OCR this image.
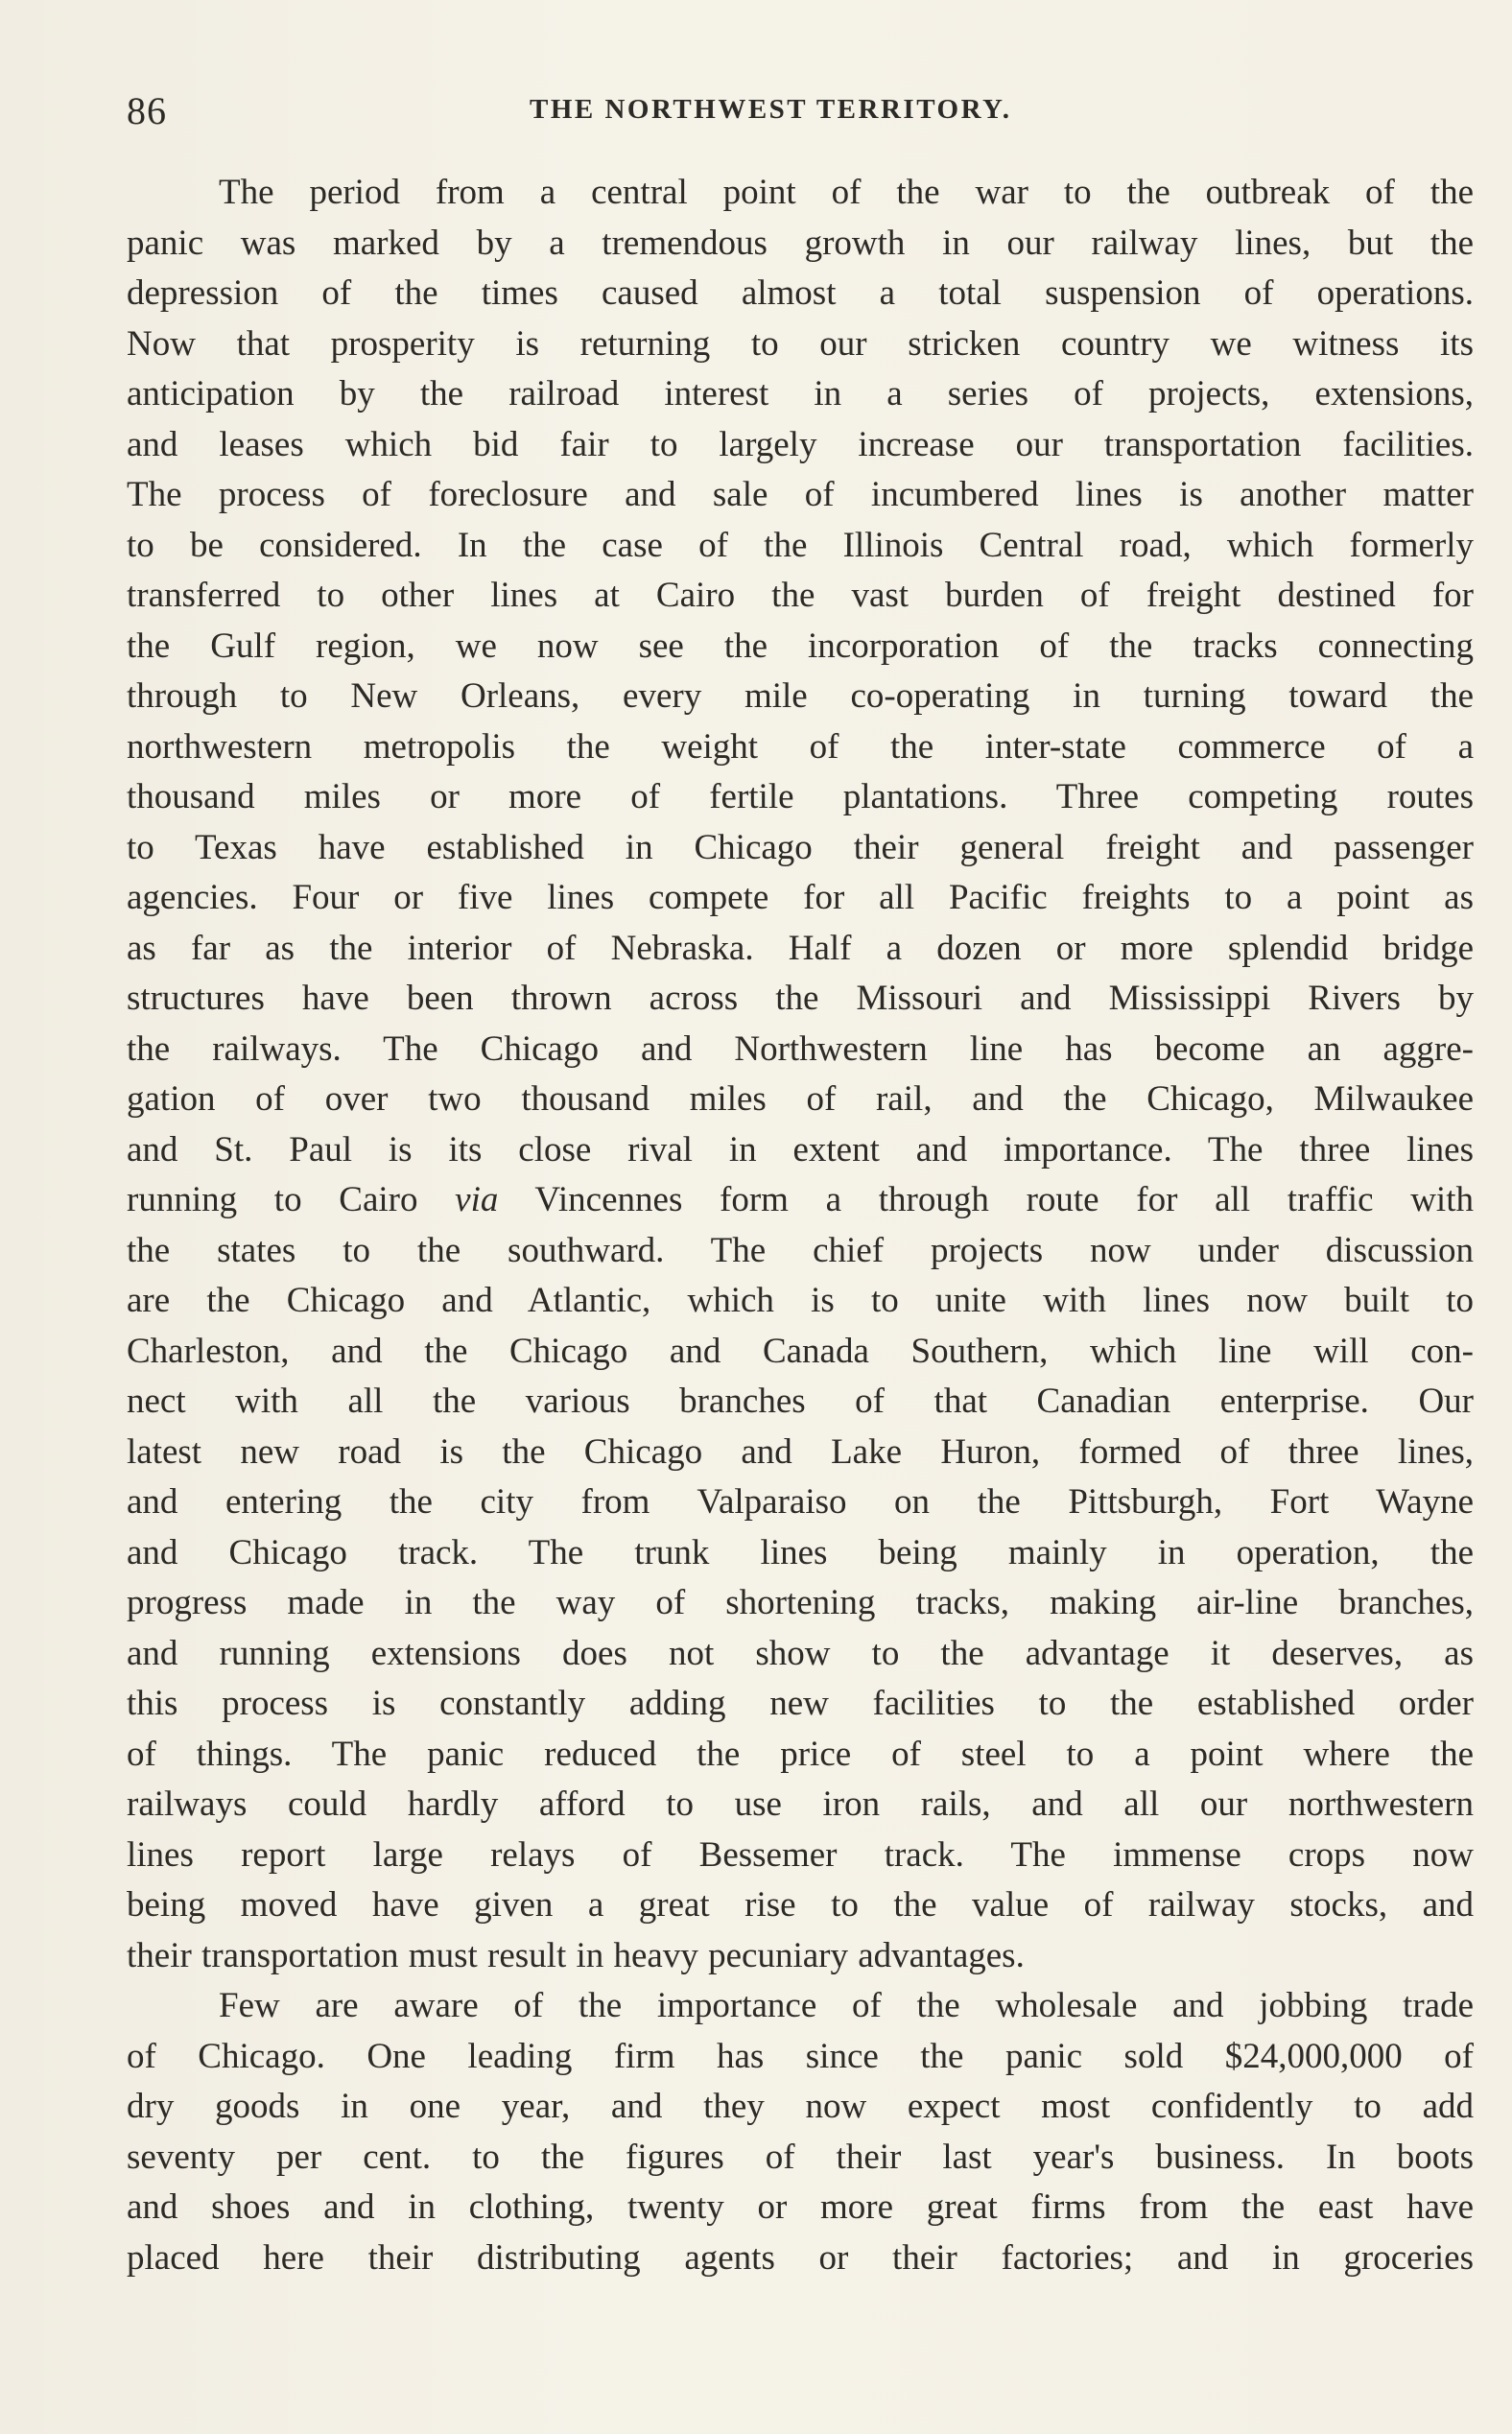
86	THE NORTHWEST TERRITORY.

The period from a central point of the war to the outbreak of the
panic was marked by a tremendous growth in our railway lines, but the
depression of the times caused almost a total suspension of operations.
Now that prosperity is returning to our stricken country we witness its
anticipation by the railroad interest in a series of projects, extensions,
and leases which bid fair to largely increase our transportation facilities.
The process of foreclosure and sale of incumbered lines is another matter
to be considered. In the case of the Illinois Central road, which formerly
transferred to other lines at Cairo the vast burden of freight destined for
the Gulf region, we now see the incorporation of the tracks connecting
through to New Orleans, every mile co-operating in turning toward the
northwestern metropolis the weight of the inter-state commerce of a
thousand miles or more of fertile plantations. Three competing routes
to Texas have established in Chicago their general freight and passenger
agencies. Four or five lines compete for all Pacific freights to a point as
as far as the interior of Nebraska. Half a dozen or more splendid bridge
structures have been thrown across the Missouri and Mississippi Rivers by
the railways. The Chicago and Northwestern line has become an aggre-
gation of over two thousand miles of rail, and the Chicago, Milwaukee
and St. Paul is its close rival in extent and importance. The three lines
running to Cairo via Vincennes form a through route for all traffic with
the states to the southward. The chief projects now under discussion
are the Chicago and Atlantic, which is to unite with lines now built to
Charleston, and the Chicago and Canada Southern, which line will con-
nect with all the various branches of that Canadian enterprise. Our
latest new road is the Chicago and Lake Huron, formed of three lines,
and entering the city from Valparaiso on the Pittsburgh, Fort Wayne
and Chicago track. The trunk lines being mainly in operation, the
progress made in the way of shortening tracks, making air-line branches,
and running extensions does not show to the advantage it deserves, as
this process is constantly adding new facilities to the established order
of things. The panic reduced the price of steel to a point where the
railways could hardly afford to use iron rails, and all our northwestern
lines report large relays of Bessemer track. The immense crops now
being moved have given a great rise to the value of railway stocks, and
their transportation must result in heavy pecuniary advantages.

Few are aware of the importance of the wholesale and jobbing trade
of Chicago. One leading firm has since the panic sold $24,000,000 of
dry goods in one year, and they now expect most confidently to add
seventy per cent. to the figures of their last year's business. In boots
and shoes and in clothing, twenty or more great firms from the east have
placed here their distributing agents or their factories; and in groceries
